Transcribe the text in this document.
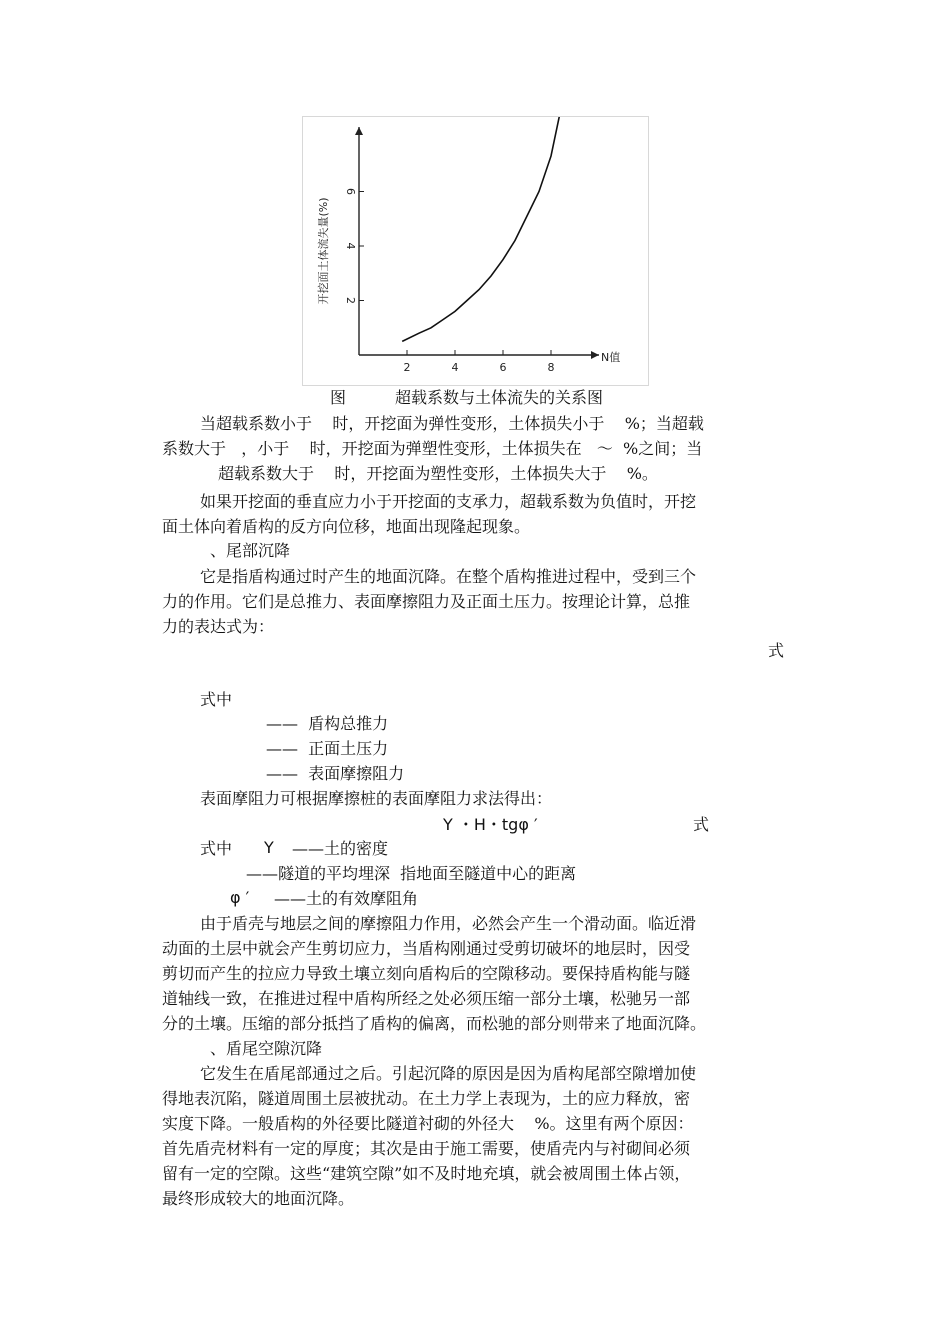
2	4	6	8
2
4
6
N值
开挖面土体流失量(%)
图	超载系数与土体流失的关系图
当超载系数小于    时，开挖面为弹性变形，土体损失小于    %；当超载
系数大于   ，小于    时，开挖面为弹塑性变形，土体损失在   ～  %之间；当
超载系数大于    时，开挖面为塑性变形，土体损失大于    %。
如果开挖面的垂直应力小于开挖面的支承力，超载系数为负值时，开挖
面土体向着盾构的反方向位移，地面出现隆起现象。
、尾部沉降
它是指盾构通过时产生的地面沉降。在整个盾构推进过程中，受到三个
力的作用。它们是总推力、表面摩擦阻力及正面土压力。按理论计算，总推
力的表达式为：
式
式中
——  盾构总推力
——  正面土压力
——  表面摩擦阻力
表面摩阻力可根据摩擦桩的表面摩阻力求法得出：
Y ・H・tgφ ′	式
式中 Y ——土的密度
——隧道的平均埋深  指地面至隧道中心的距离
φ ′ ——土的有效摩阻角
由于盾壳与地层之间的摩擦阻力作用，必然会产生一个滑动面。临近滑
动面的土层中就会产生剪切应力，当盾构刚通过受剪切破坏的地层时，因受
剪切而产生的拉应力导致土壤立刻向盾构后的空隙移动。要保持盾构能与隧
道轴线一致，在推进过程中盾构所经之处必须压缩一部分土壤，松驰另一部
分的土壤。压缩的部分抵挡了盾构的偏离，而松驰的部分则带来了地面沉降。
、盾尾空隙沉降
它发生在盾尾部通过之后。引起沉降的原因是因为盾构尾部空隙增加使
得地表沉陷，隧道周围土层被扰动。在土力学上表现为，土的应力释放，密
实度下降。一般盾构的外径要比隧道衬砌的外径大    %。这里有两个原因：
首先盾壳材料有一定的厚度；其次是由于施工需要，使盾壳内与衬砌间必须
留有一定的空隙。这些“建筑空隙”如不及时地充填，就会被周围土体占领，
最终形成较大的地面沉降。
